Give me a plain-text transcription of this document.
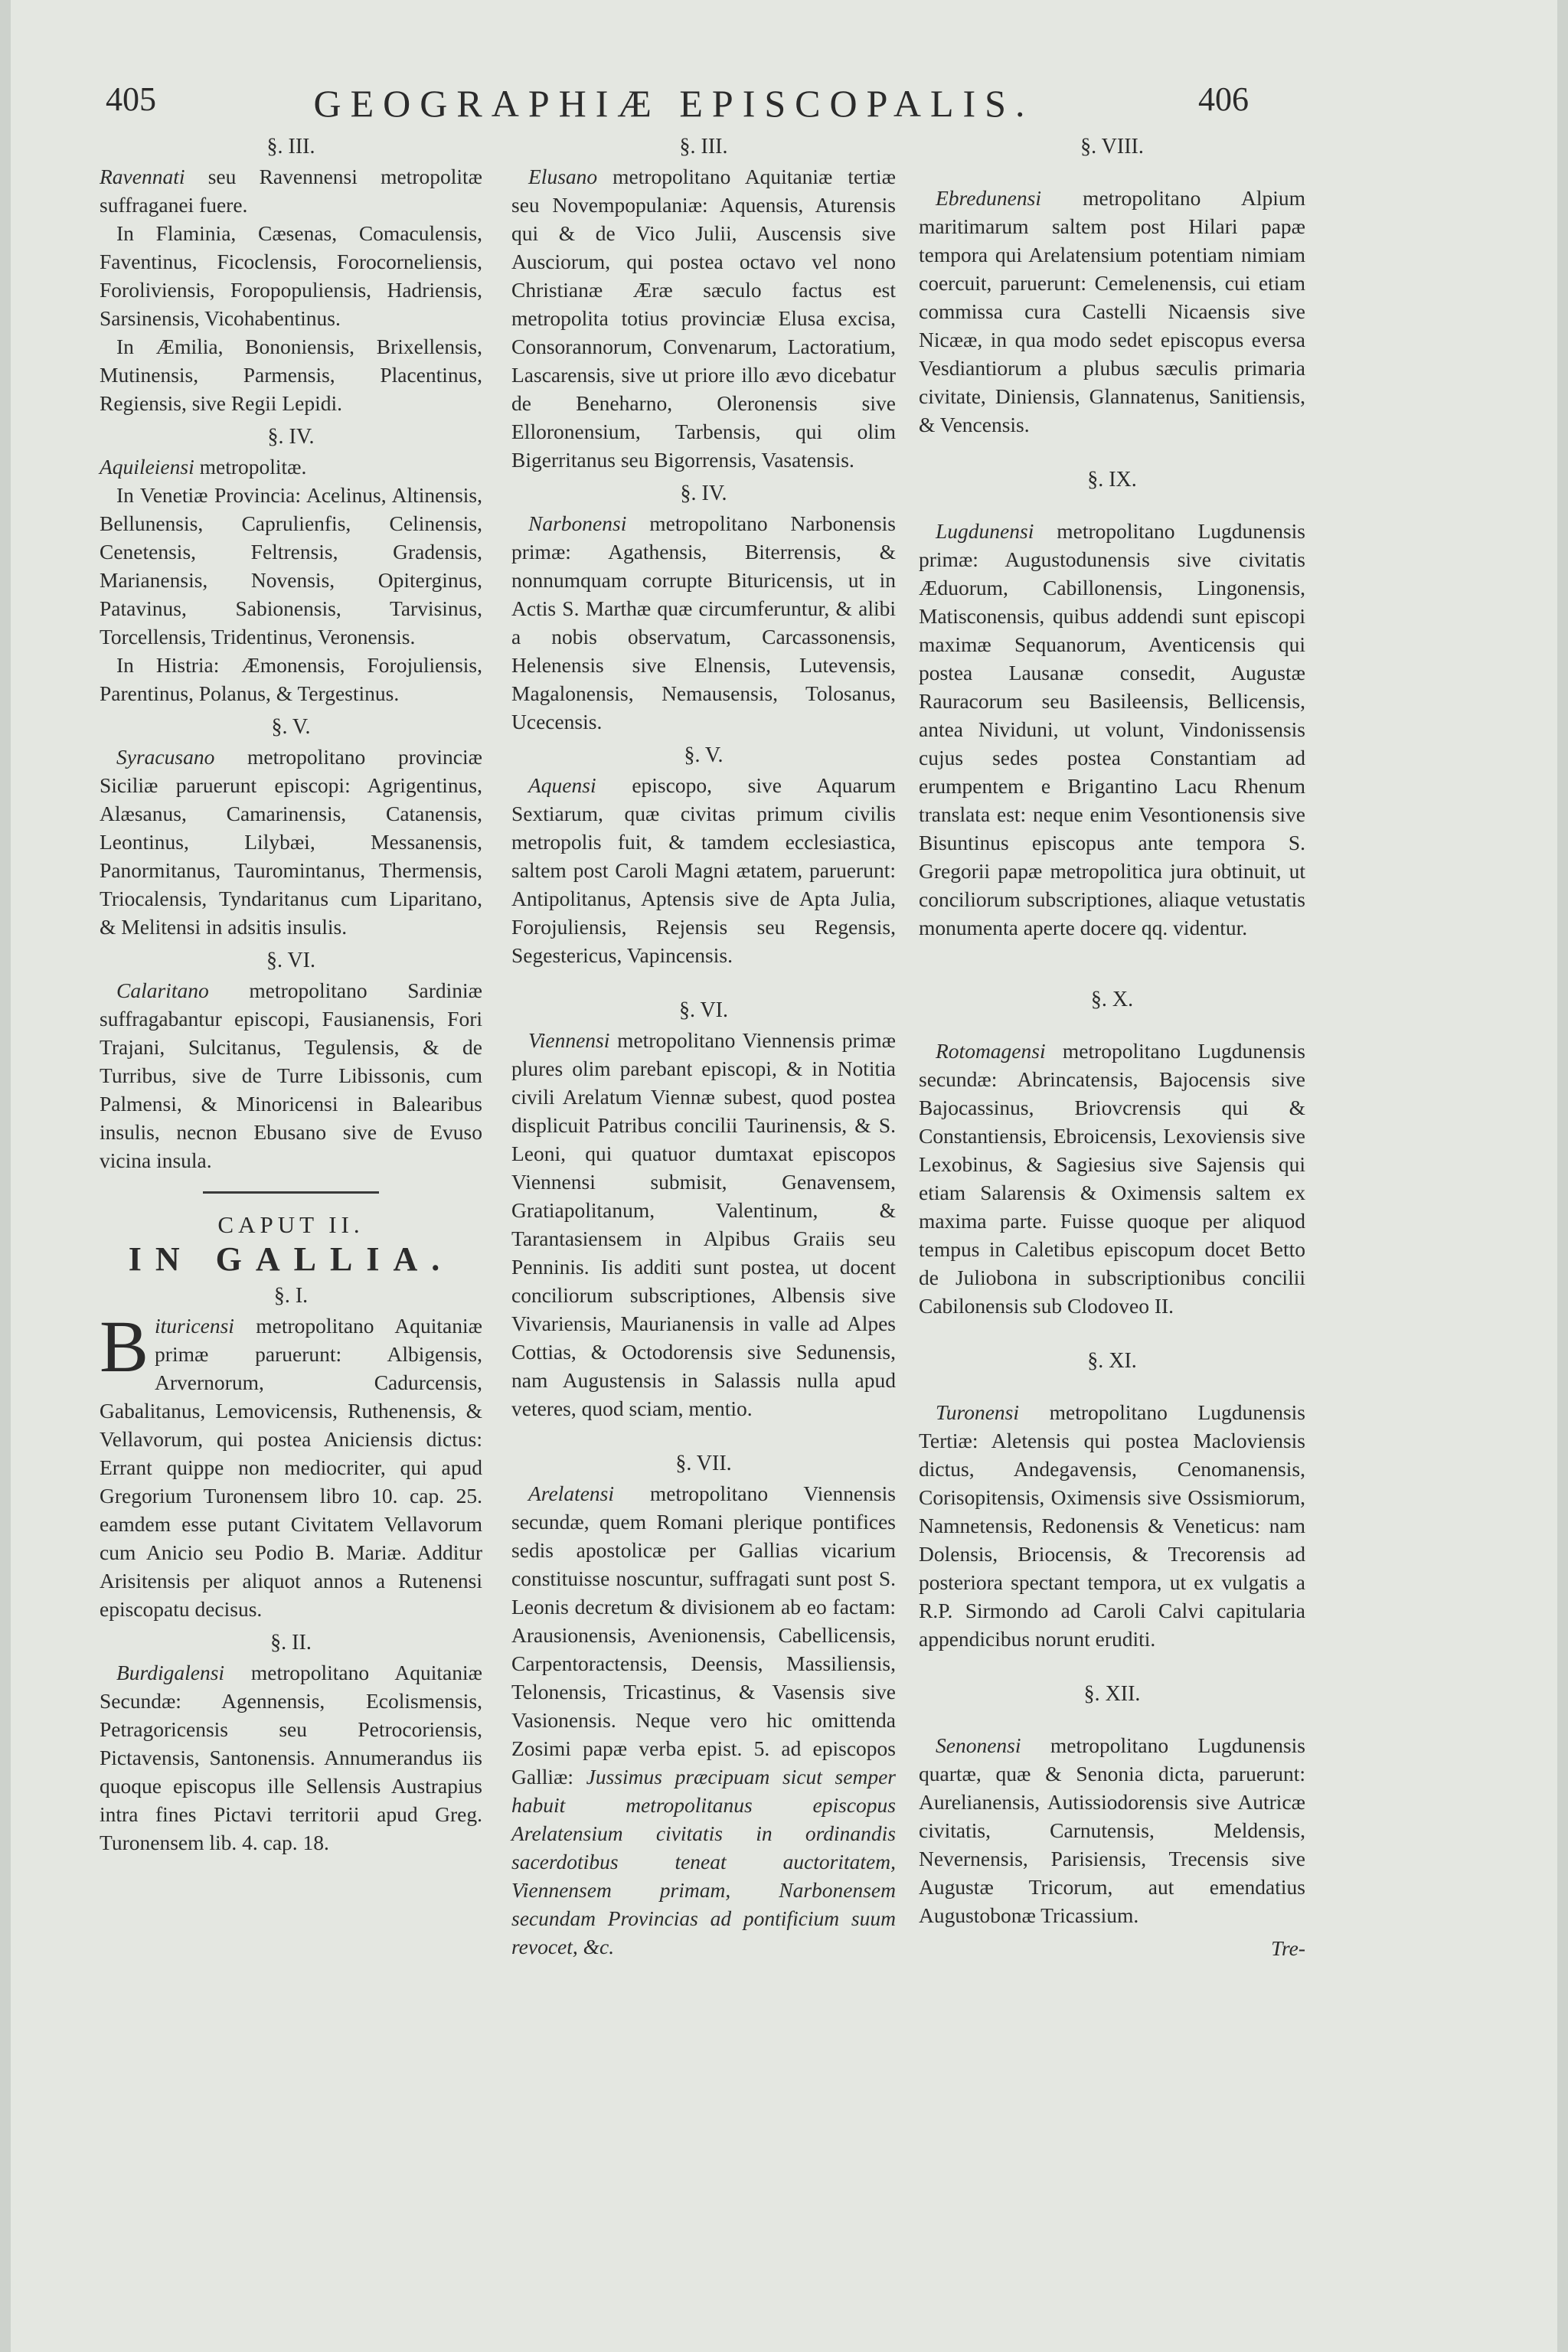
405	GEOGRAPHIÆ EPISCOPALIS.	406

§. III.

Ravennati seu Ravennensi metropolitæ suffraganei fuere.

In Flaminia, Cæsenas, Comaculensis, Faventinus, Ficoclensis, Forocorneliensis, Foroliviensis, Foropopuliensis, Hadriensis, Sarsinensis, Vicohabentinus.

In Æmilia, Bononiensis, Brixellensis, Mutinensis, Parmensis, Placentinus, Regiensis, sive Regii Lepidi.

§. IV.

Aquileiensi metropolitæ.

In Venetiæ Provincia: Acelinus, Altinensis, Bellunensis, Caprulienfis, Celinensis, Cenetensis, Feltrensis, Gradensis, Marianensis, Novensis, Opiterginus, Patavinus, Sabionensis, Tarvisinus, Torcellensis, Tridentinus, Veronensis.

In Histria: Æmonensis, Forojuliensis, Parentinus, Polanus, & Tergestinus.

§. V.

Syracusano metropolitano provinciæ Siciliæ paruerunt episcopi: Agrigentinus, Alæsanus, Camarinensis, Catanensis, Leontinus, Lilybæi, Messanensis, Panormitanus, Tauromintanus, Thermensis, Triocalensis, Tyndaritanus cum Liparitano, & Melitensi in adsitis insulis.

§. VI.

Calaritano metropolitano Sardiniæ suffragabantur episcopi, Fausianensis, Fori Trajani, Sulcitanus, Tegulensis, & de Turribus, sive de Turre Libissonis, cum Palmensi, & Minoricensi in Balearibus insulis, necnon Ebusano sive de Evuso vicina insula.

CAPUT II.
IN GALLIA.

§. I.

Bituricensi metropolitano Aquitaniæ primæ paruerunt: Albigensis, Arvernorum, Cadurcensis, Gabalitanus, Lemovicensis, Ruthenensis, & Vellavorum, qui postea Aniciensis dictus: Errant quippe non mediocriter, qui apud Gregorium Turonensem libro 10. cap. 25. eamdem esse putant Civitatem Vellavorum cum Anicio seu Podio B. Mariæ. Additur Arisitensis per aliquot annos a Rutenensi episcopatu decisus.

§. II.

Burdigalensi metropolitano Aquitaniæ Secundæ: Agennensis, Ecolismensis, Petragoricensis seu Petrocoriensis, Pictavensis, Santonensis. Annumerandus iis quoque episcopus ille Sellensis Austrapius intra fines Pictavi territorii apud Greg. Turonensem lib. 4. cap. 18.

§. III.

Elusano metropolitano Aquitaniæ tertiæ seu Novempopulaniæ: Aquensis, Aturensis qui & de Vico Julii, Auscensis sive Ausciorum, qui postea octavo vel nono Christianæ Æræ sæculo factus est metropolita totius provinciæ Elusa excisa, Consorannorum, Convenarum, Lactoratium, Lascarensis, sive ut priore illo ævo dicebatur de Beneharno, Oleronensis sive Elloronensium, Tarbensis, qui olim Bigerritanus seu Bigorrensis, Vasatensis.

§. IV.

Narbonensi metropolitano Narbonensis primæ: Agathensis, Biterrensis, & nonnumquam corrupte Bituricensis, ut in Actis S. Marthæ quæ circumferuntur, & alibi a nobis observatum, Carcassonensis, Helenensis sive Elnensis, Lutevensis, Magalonensis, Nemausensis, Tolosanus, Ucecensis.

§. V.

Aquensi episcopo, sive Aquarum Sextiarum, quæ civitas primum civilis metropolis fuit, & tamdem ecclesiastica, saltem post Caroli Magni ætatem, paruerunt: Antipolitanus, Aptensis sive de Apta Julia, Forojuliensis, Rejensis seu Regensis, Segestericus, Vapincensis.

§. VI.

Viennensi metropolitano Viennensis primæ plures olim parebant episcopi, & in Notitia civili Arelatum Viennæ subest, quod postea displicuit Patribus concilii Taurinensis, & S. Leoni, qui quatuor dumtaxat episcopos Viennensi submisit, Genavensem, Gratiapolitanum, Valentinum, & Tarantasiensem in Alpibus Graiis seu Penninis. Iis additi sunt postea, ut docent conciliorum subscriptiones, Albensis sive Vivariensis, Maurianensis in valle ad Alpes Cottias, & Octodorensis sive Sedunensis, nam Augustensis in Salassis nulla apud veteres, quod sciam, mentio.

§. VII.

Arelatensi metropolitano Viennensis secundæ, quem Romani plerique pontifices sedis apostolicæ per Gallias vicarium constituisse noscuntur, suffragati sunt post S. Leonis decretum & divisionem ab eo factam: Arausionensis, Avenionensis, Cabellicensis, Carpentoractensis, Deensis, Massiliensis, Telonensis, Tricastinus, & Vasensis sive Vasionensis. Neque vero hic omittenda Zosimi papæ verba epist. 5. ad episcopos Galliæ: Jussimus præcipuam sicut semper habuit metropolitanus episcopus Arelatensium civitatis in ordinandis sacerdotibus teneat auctoritatem, Viennensem primam, Narbonensem secundam Provincias ad pontificium suum revocet, &c.

§. VIII.

Ebredunensi metropolitano Alpium maritimarum saltem post Hilari papæ tempora qui Arelatensium potentiam nimiam coercuit, paruerunt: Cemelenensis, cui etiam commissa cura Castelli Nicaensis sive Nicææ, in qua modo sedet episcopus eversa Vesdiantiorum a plubus sæculis primaria civitate, Diniensis, Glannatenus, Sanitiensis, & Vencensis.

§. IX.

Lugdunensi metropolitano Lugdunensis primæ: Augustodunensis sive civitatis Æduorum, Cabillonensis, Lingonensis, Matisconensis, quibus addendi sunt episcopi maximæ Sequanorum, Aventicensis qui postea Lausanæ consedit, Augustæ Rauracorum seu Basileensis, Bellicensis, antea Nividuni, ut volunt, Vindonissensis cujus sedes postea Constantiam ad erumpentem e Brigantino Lacu Rhenum translata est: neque enim Vesontionensis sive Bisuntinus episcopus ante tempora S. Gregorii papæ metropolitica jura obtinuit, ut conciliorum subscriptiones, aliaque vetustatis monumenta aperte docere qq. videntur.

§. X.

Rotomagensi metropolitano Lugdunensis secundæ: Abrincatensis, Bajocensis sive Bajocassinus, Briovcrensis qui & Constantiensis, Ebroicensis, Lexoviensis sive Lexobinus, & Sagiesius sive Sajensis qui etiam Salarensis & Oximensis saltem ex maxima parte. Fuisse quoque per aliquod tempus in Caletibus episcopum docet Betto de Juliobona in subscriptionibus concilii Cabilonensis sub Clodoveo II.

§. XI.

Turonensi metropolitano Lugdunensis Tertiæ: Aletensis qui postea Macloviensis dictus, Andegavensis, Cenomanensis, Corisopitensis, Oximensis sive Ossismiorum, Namnetensis, Redonensis & Veneticus: nam Dolensis, Briocensis, & Trecorensis ad posteriora spectant tempora, ut ex vulgatis a R.P. Sirmondo ad Caroli Calvi capitularia appendicibus norunt eruditi.

§. XII.

Senonensi metropolitano Lugdunensis quartæ, quæ & Senonia dicta, paruerunt: Aurelianensis, Autissiodorensis sive Autricæ civitatis, Carnutensis, Meldensis, Nevernensis, Parisiensis, Trecensis sive Augustæ Tricorum, aut emendatius Augustobonæ Tricassium.

Tre-
